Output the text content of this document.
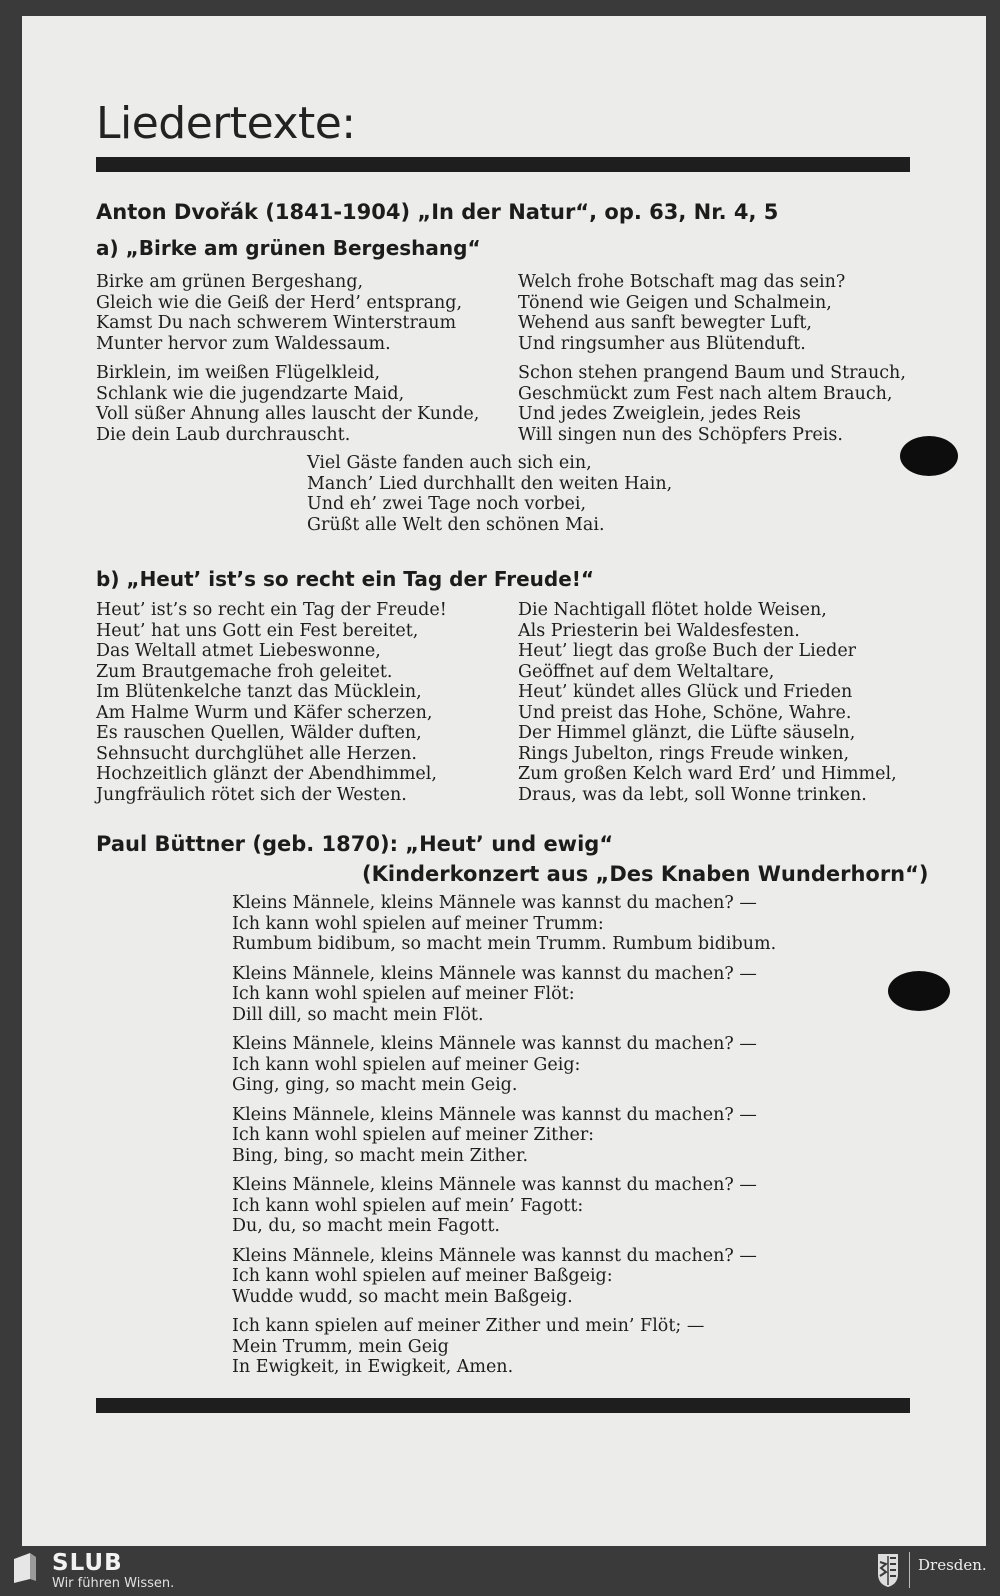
Liedertexte:
Anton Dvořák (1841-1904) „In der Natur“, op. 63, Nr. 4, 5
a) „Birke am grünen Bergeshang“
Birke am grünen Bergeshang,
Gleich wie die Geiß der Herd’ entsprang,
Kamst Du nach schwerem Winterstraum
Munter hervor zum Waldessaum.
Birklein, im weißen Flügelkleid,
Schlank wie die jugendzarte Maid,
Voll süßer Ahnung alles lauscht der Kunde,
Die dein Laub durchrauscht.
Welch frohe Botschaft mag das sein?
Tönend wie Geigen und Schalmein,
Wehend aus sanft bewegter Luft,
Und ringsumher aus Blütenduft.
Schon stehen prangend Baum und Strauch,
Geschmückt zum Fest nach altem Brauch,
Und jedes Zweiglein, jedes Reis
Will singen nun des Schöpfers Preis.
Viel Gäste fanden auch sich ein,
Manch’ Lied durchhallt den weiten Hain,
Und eh’ zwei Tage noch vorbei,
Grüßt alle Welt den schönen Mai.
b) „Heut’ ist’s so recht ein Tag der Freude!“
Heut’ ist’s so recht ein Tag der Freude!
Heut’ hat uns Gott ein Fest bereitet,
Das Weltall atmet Liebeswonne,
Zum Brautgemache froh geleitet.
Im Blütenkelche tanzt das Mücklein,
Am Halme Wurm und Käfer scherzen,
Es rauschen Quellen, Wälder duften,
Sehnsucht durchglühet alle Herzen.
Hochzeitlich glänzt der Abendhimmel,
Jungfräulich rötet sich der Westen.
Die Nachtigall flötet holde Weisen,
Als Priesterin bei Waldesfesten.
Heut’ liegt das große Buch der Lieder
Geöffnet auf dem Weltaltare,
Heut’ kündet alles Glück und Frieden
Und preist das Hohe, Schöne, Wahre.
Der Himmel glänzt, die Lüfte säuseln,
Rings Jubelton, rings Freude winken,
Zum großen Kelch ward Erd’ und Himmel,
Draus, was da lebt, soll Wonne trinken.
Paul Büttner (geb. 1870): „Heut’ und ewig“
(Kinderkonzert aus „Des Knaben Wunderhorn“)
Kleins Männele, kleins Männele was kannst du machen? —
Ich kann wohl spielen auf meiner Trumm:
Rumbum bidibum, so macht mein Trumm. Rumbum bidibum.
Kleins Männele, kleins Männele was kannst du machen? —
Ich kann wohl spielen auf meiner Flöt:
Dill dill, so macht mein Flöt.
Kleins Männele, kleins Männele was kannst du machen? —
Ich kann wohl spielen auf meiner Geig:
Ging, ging, so macht mein Geig.
Kleins Männele, kleins Männele was kannst du machen? —
Ich kann wohl spielen auf meiner Zither:
Bing, bing, so macht mein Zither.
Kleins Männele, kleins Männele was kannst du machen? —
Ich kann wohl spielen auf mein’ Fagott:
Du, du, so macht mein Fagott.
Kleins Männele, kleins Männele was kannst du machen? —
Ich kann wohl spielen auf meiner Baßgeig:
Wudde wudd, so macht mein Baßgeig.
Ich kann spielen auf meiner Zither und mein’ Flöt; —
Mein Trumm, mein Geig
In Ewigkeit, in Ewigkeit, Amen.
SLUB
Wir führen Wissen.
Dresden.
